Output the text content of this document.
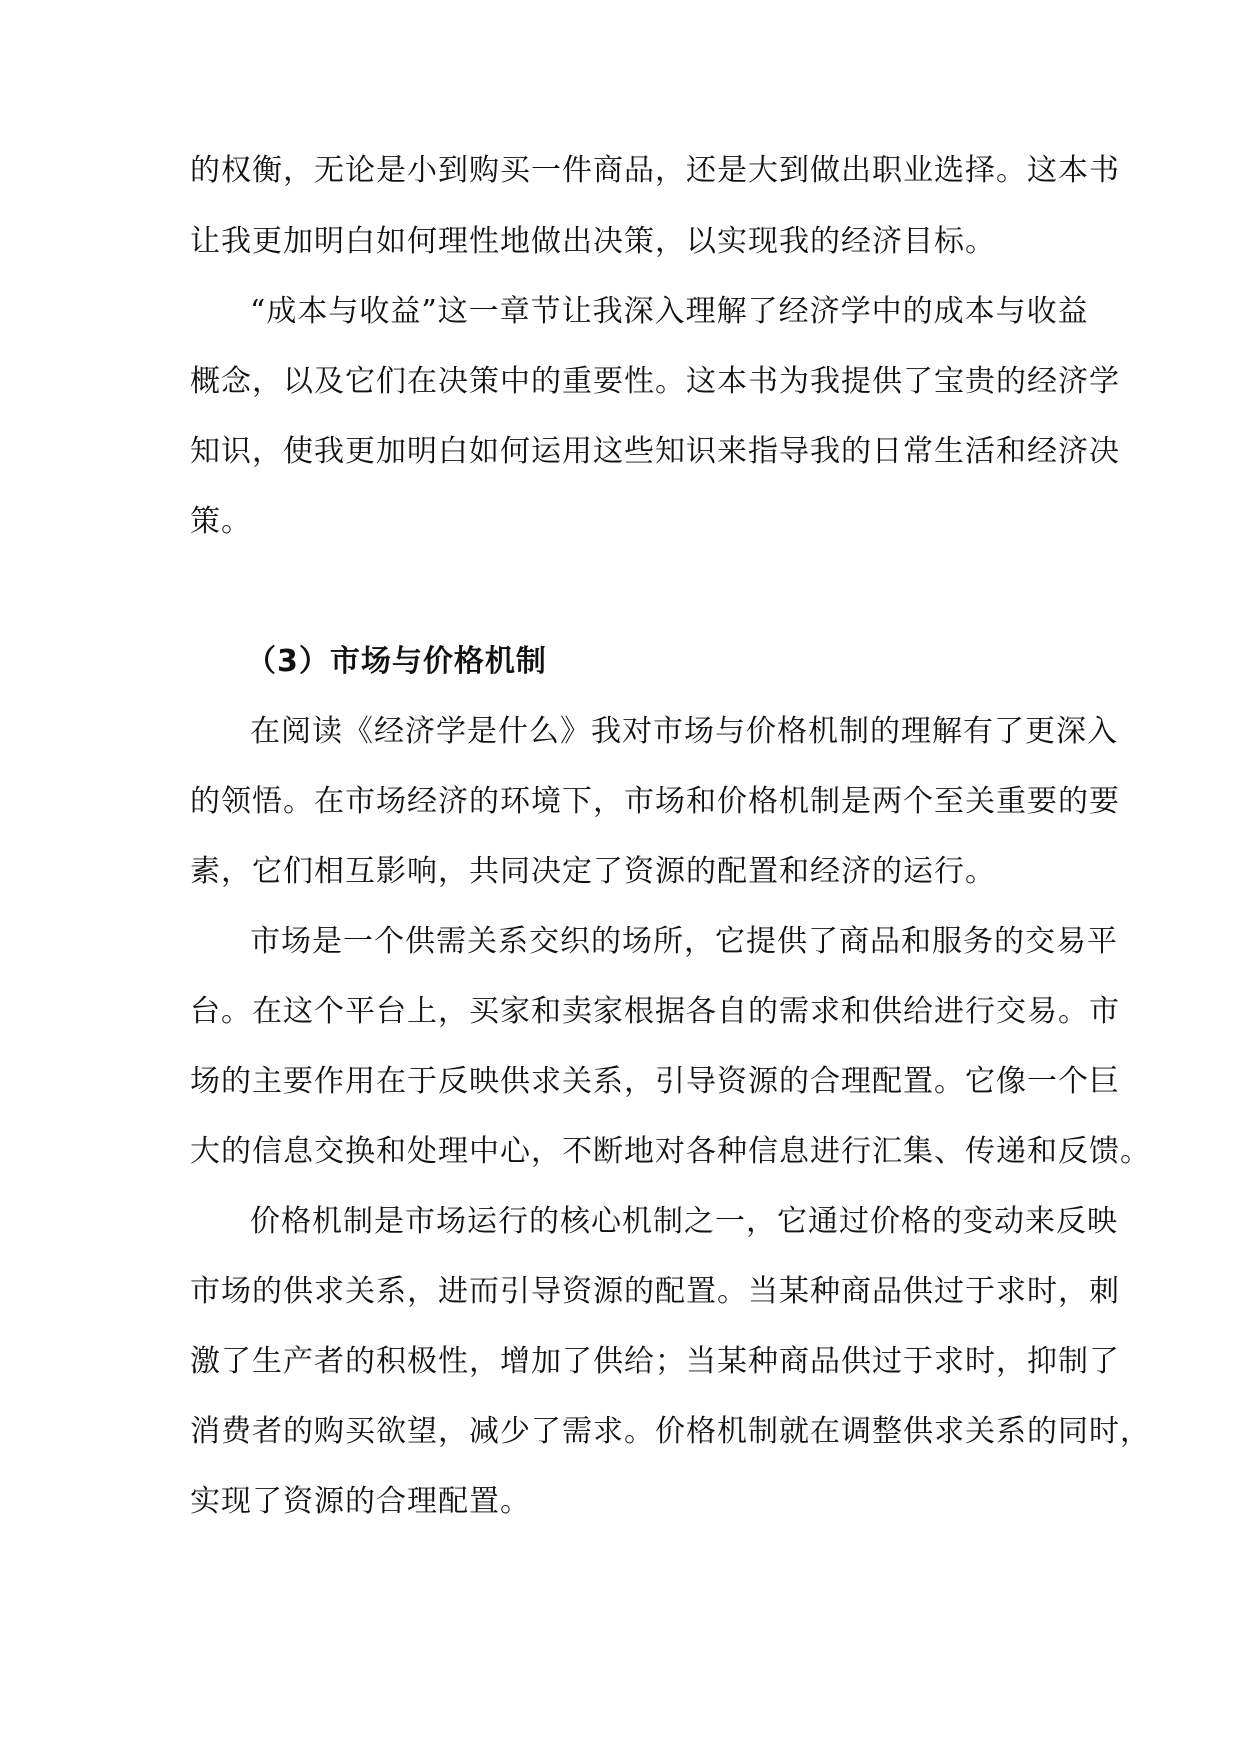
的权衡，无论是小到购买一件商品，还是大到做出职业选择。这本书
让我更加明白如何理性地做出决策，以实现我的经济目标。
“成本与收益”这一章节让我深入理解了经济学中的成本与收益
概念，以及它们在决策中的重要性。这本书为我提供了宝贵的经济学
知识，使我更加明白如何运用这些知识来指导我的日常生活和经济决
策。
（3）市场与价格机制
在阅读《经济学是什么》我对市场与价格机制的理解有了更深入
的领悟。在市场经济的环境下，市场和价格机制是两个至关重要的要
素，它们相互影响，共同决定了资源的配置和经济的运行。
市场是一个供需关系交织的场所，它提供了商品和服务的交易平
台。在这个平台上，买家和卖家根据各自的需求和供给进行交易。市
场的主要作用在于反映供求关系，引导资源的合理配置。它像一个巨
大的信息交换和处理中心，不断地对各种信息进行汇集、传递和反馈。
价格机制是市场运行的核心机制之一，它通过价格的变动来反映
市场的供求关系，进而引导资源的配置。当某种商品供过于求时，刺
激了生产者的积极性，增加了供给；当某种商品供过于求时，抑制了
消费者的购买欲望，减少了需求。价格机制就在调整供求关系的同时，
实现了资源的合理配置。
